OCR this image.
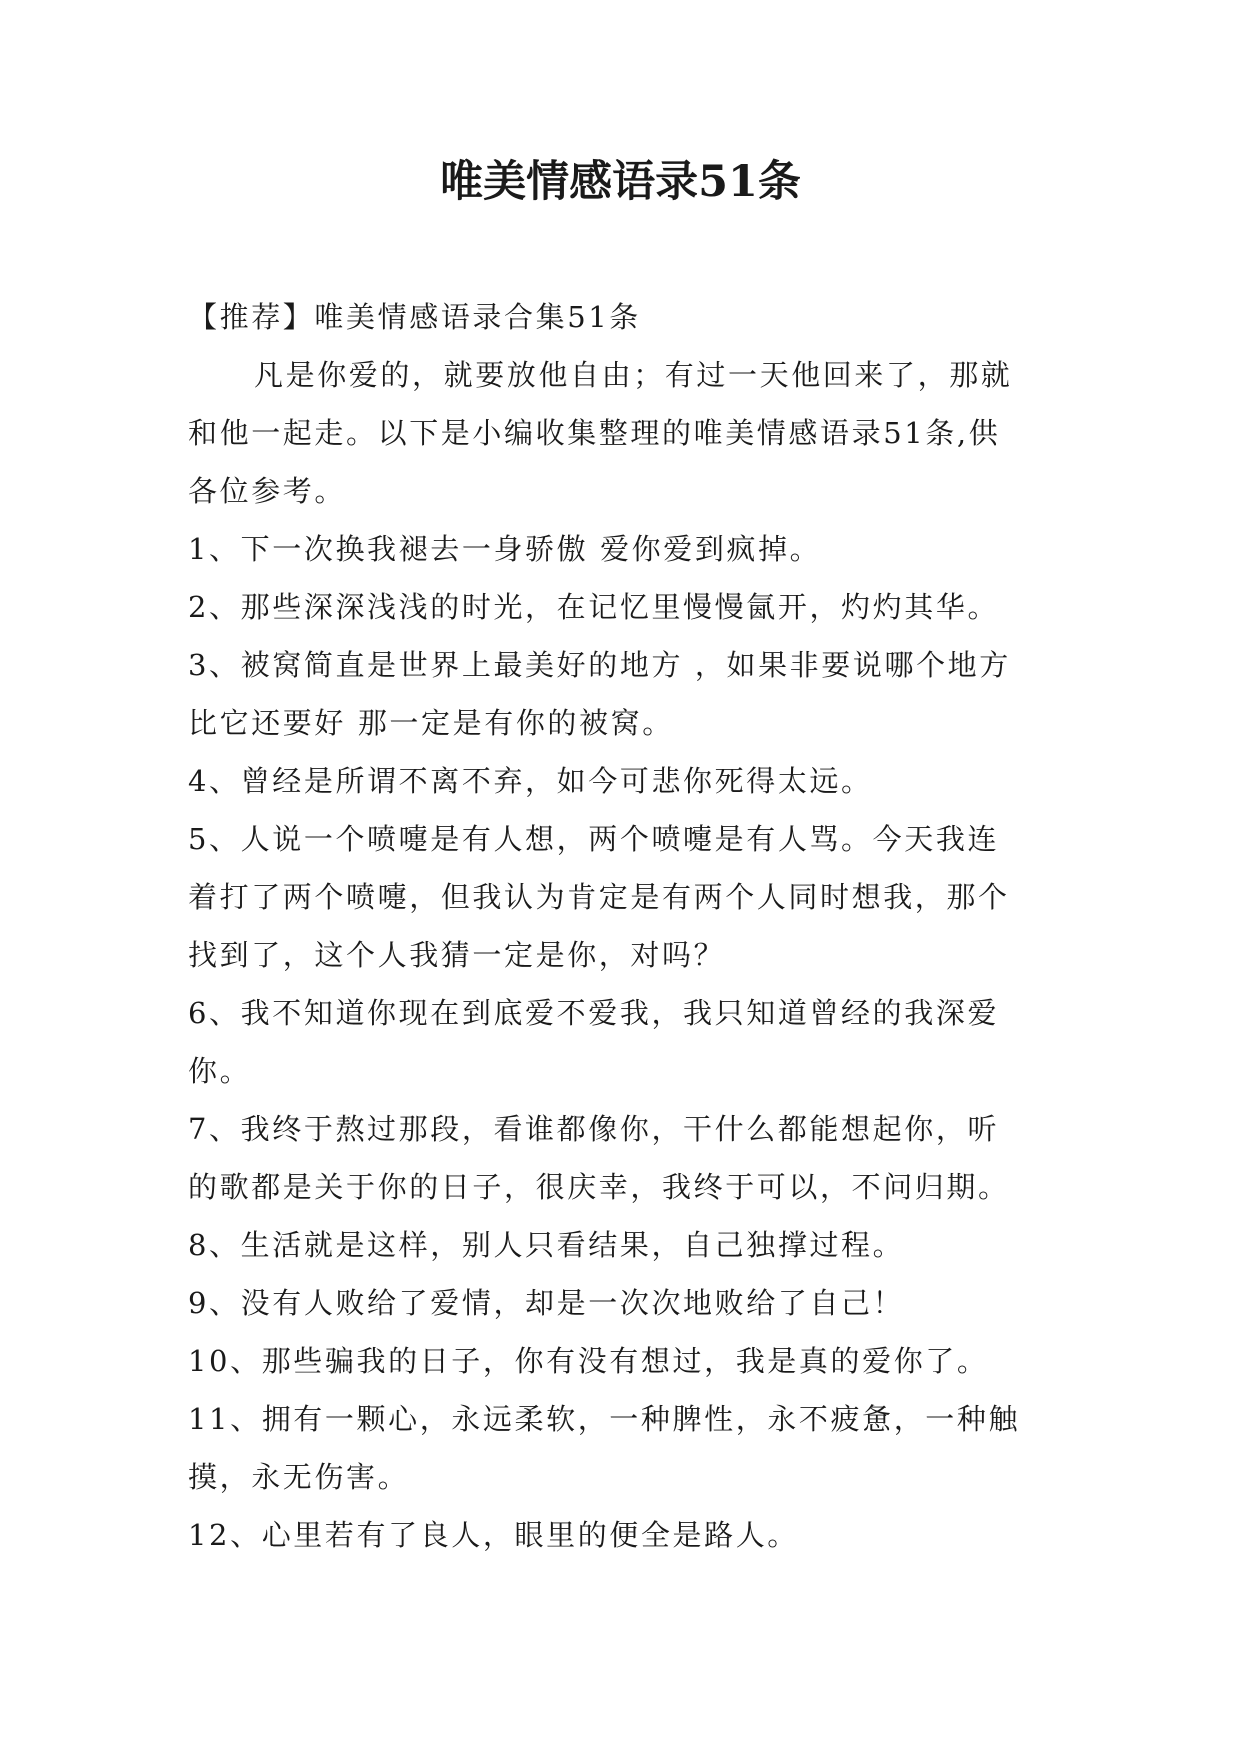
唯美情感语录51条
【推荐】唯美情感语录合集51条
凡是你爱的，就要放他自由；有过一天他回来了，那就
和他一起走。以下是小编收集整理的唯美情感语录51条,供
各位参考。
1、下一次换我褪去一身骄傲 爱你爱到疯掉。
2、那些深深浅浅的时光，在记忆里慢慢氤开，灼灼其华。
3、被窝简直是世界上最美好的地方 ，如果非要说哪个地方
比它还要好 那一定是有你的被窝。
4、曾经是所谓不离不弃，如今可悲你死得太远。
5、人说一个喷嚏是有人想，两个喷嚏是有人骂。今天我连
着打了两个喷嚏，但我认为肯定是有两个人同时想我，那个
找到了，这个人我猜一定是你，对吗？
6、我不知道你现在到底爱不爱我，我只知道曾经的我深爱
你。
7、我终于熬过那段，看谁都像你，干什么都能想起你，听
的歌都是关于你的日子，很庆幸，我终于可以，不问归期。
8、生活就是这样，别人只看结果，自己独撑过程。
9、没有人败给了爱情，却是一次次地败给了自己！
10、那些骗我的日子，你有没有想过，我是真的爱你了。
11、拥有一颗心，永远柔软，一种脾性，永不疲惫，一种触
摸，永无伤害。
12、心里若有了良人，眼里的便全是路人。
